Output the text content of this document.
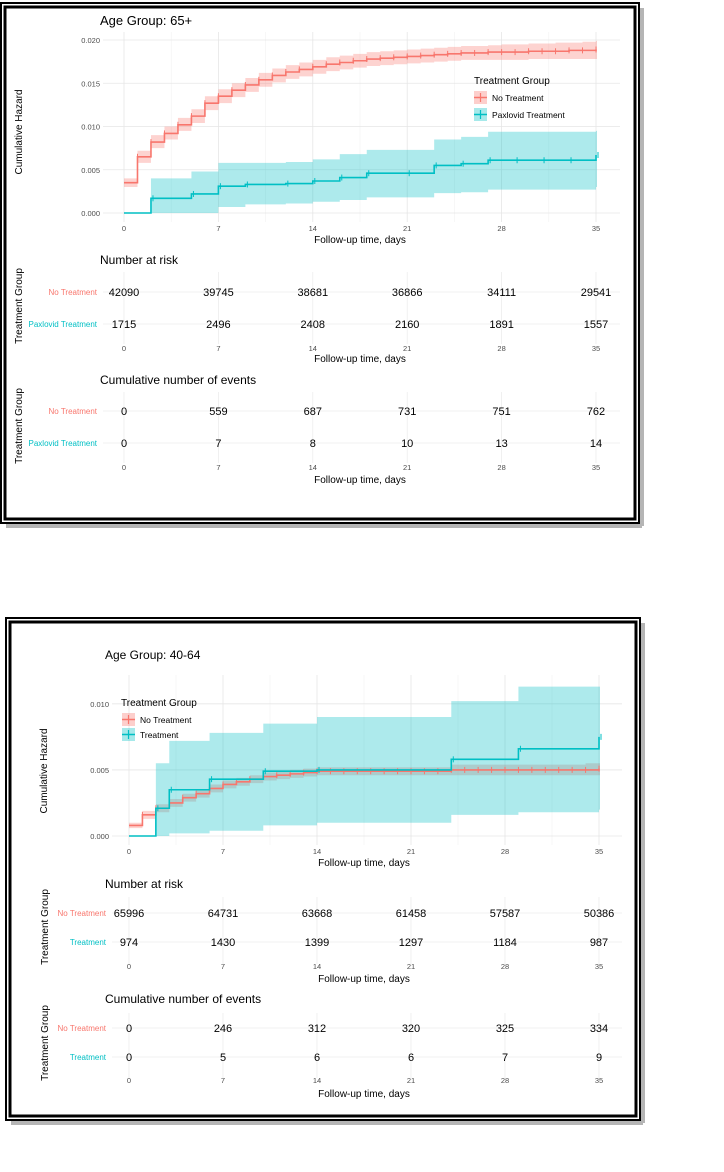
Age Group: 65+
0	7	14	21	28	35
0.000
0.005
0.010
0.015
0.020
Cumulative Hazard
Follow-up time, days
Treatment Group
No Treatment
Paxlovid Treatment
Number at risk
Treatment Group
0	7	14	21	28	35
No Treatment 42090	39745	38681	36866	34111	29541
Paxlovid Treatment 1715	2496	2408	2160	1891	1557
Follow-up time, days
Cumulative number of events
Treatment Group
0	7	14	21	28	35
No Treatment 0	559	687	731	751	762
Paxlovid Treatment 0	7	8	10	13	14
Follow-up time, days
Age Group: 40-64
0	7	14	21	28	35
0.000
0.005
0.010
Cumulative Hazard
Follow-up time, days
Treatment Group
No Treatment
Treatment
Number at risk
Treatment Group
0	7	14	21	28	35
No Treatment 65996	64731	63668	61458	57587	50386
Treatment 974	1430	1399	1297	1184	987
Follow-up time, days
Cumulative number of events
Treatment Group	0	7	14	21	28	35
No Treatment 0	246	312	320	325	334
Treatment 0	5	6	6	7	9
Follow-up time, days
